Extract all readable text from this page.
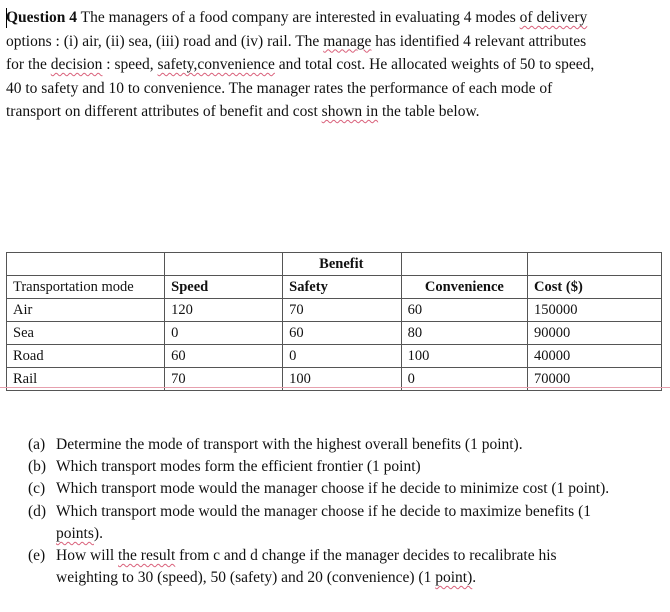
Question 4 The managers of a food company are interested in evaluating 4 modes of delivery
options : (i) air, (ii) sea, (iii) road and (iv) rail. The manage has identified 4 relevant attributes
for the decision : speed, safety,convenience and total cost. He allocated weights of 50 to speed,
40 to safety and 10 to convenience. The manager rates the performance of each mode of
transport on different attributes of benefit and cost shown in the table below.
		Benefit		
Transportation mode	Speed	Safety	Convenience	Cost ($)
Air	120	70	60	150000
Sea	0	60	80	90000
Road	60	0	100	40000
Rail	70	100	0	70000
(a) Determine the mode of transport with the highest overall benefits (1 point).
(b) Which transport modes form the efficient frontier (1 point)
(c) Which transport mode would the manager choose if he decide to minimize cost (1 point).
(d) Which transport mode would the manager choose if he decide to maximize benefits (1
points).
(e) How will the result from c and d change if the manager decides to recalibrate his
weighting to 30 (speed), 50 (safety) and 20 (convenience) (1 point).
